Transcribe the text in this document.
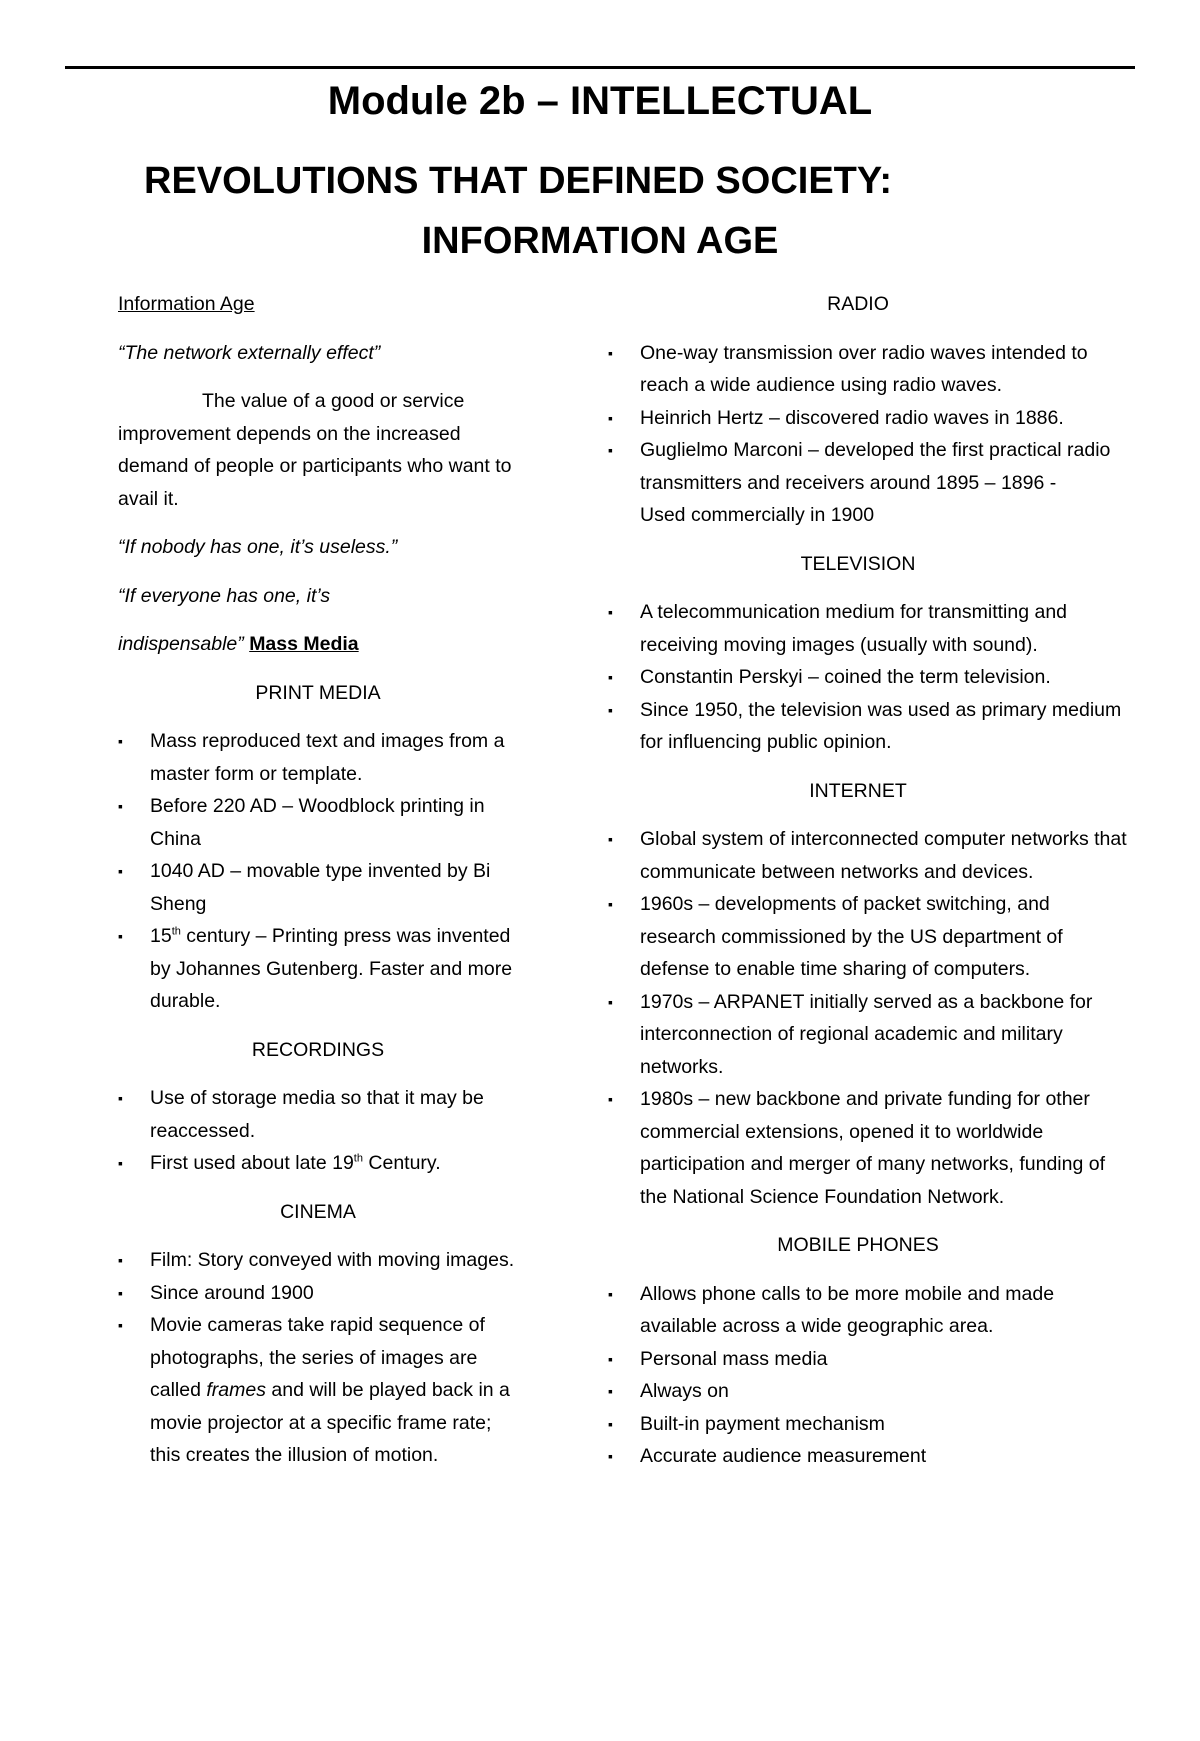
Module 2b – INTELLECTUAL
REVOLUTIONS THAT DEFINED SOCIETY:
INFORMATION AGE

Information Age

“The network externally effect”

The value of a good or service improvement depends on the increased demand of people or participants who want to avail it.

“If nobody has one, it’s useless.”

“If everyone has one, it’s

indispensable” Mass Media

PRINT MEDIA

▪ Mass reproduced text and images from a master form or template.
▪ Before 220 AD – Woodblock printing in China
▪ 1040 AD – movable type invented by Bi
Sheng
▪ 15th century – Printing press was invented by Johannes Gutenberg. Faster and more durable.

RECORDINGS

▪ Use of storage media so that it may be reaccessed.
▪ First used about late 19th Century.

CINEMA

▪ Film: Story conveyed with moving images.
▪ Since around 1900
▪ Movie cameras take rapid sequence of photographs, the series of images are called frames and will be played back in a movie projector at a specific frame rate; this creates the illusion of motion.

RADIO

▪ One-way transmission over radio waves intended to reach a wide audience using radio waves.
▪ Heinrich Hertz – discovered radio waves in 1886.
▪ Guglielmo Marconi – developed the first practical radio transmitters and receivers around 1895 – 1896 -              Used commercially in 1900

TELEVISION

▪ A telecommunication medium for transmitting and receiving moving images (usually with sound).
▪ Constantin Perskyi – coined the term television.
▪ Since 1950, the television was used as primary medium for influencing public opinion.

INTERNET

▪ Global system of interconnected computer networks that communicate between networks and devices.
▪ 1960s – developments of packet switching, and research commissioned by the US department of defense to enable time sharing of computers.
▪ 1970s – ARPANET initially served as a backbone for interconnection of regional academic and military networks.
▪ 1980s – new backbone and private funding for other commercial extensions, opened it to worldwide participation and merger of many networks, funding of the National Science Foundation Network.

MOBILE PHONES

▪ Allows phone calls to be more mobile and made available across a wide geographic area.
▪ Personal mass media
▪ Always on
▪ Built-in payment mechanism
▪ Accurate audience measurement
